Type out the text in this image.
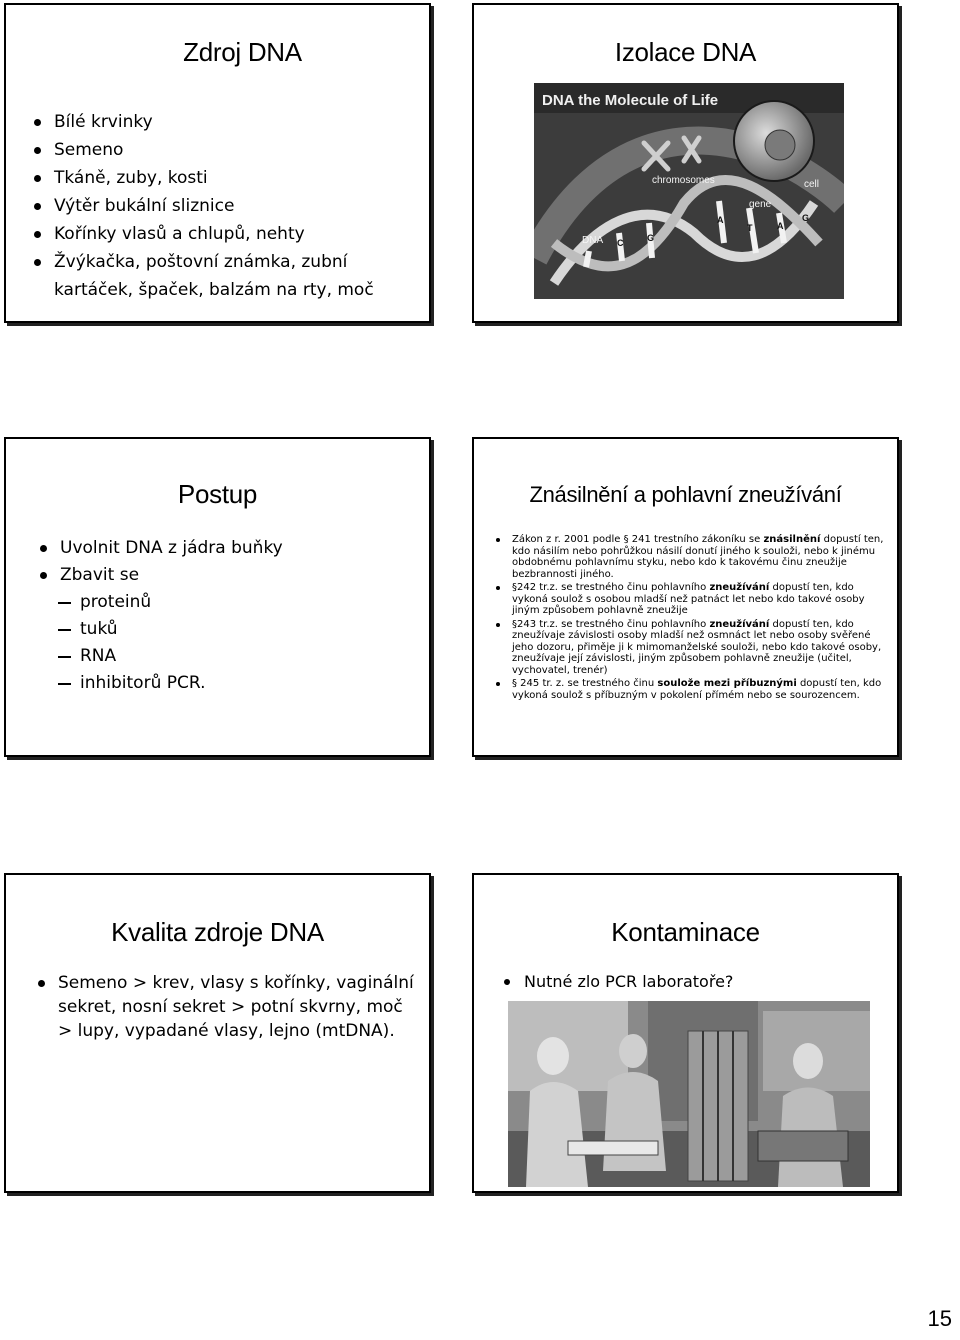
Zdroj DNA
Bílé krvinky
Semeno
Tkáně, zuby, kosti
Výtěr bukální sliznice
Kořínky vlasů a chlupů, nehty
Žvýkačka, poštovní známka, zubní kartáček, špaček, balzám na rty, moč
Izolace DNA
DNA the Molecule of Life
C	G
A
T	A
G
chromosomes	cell
gene
DNA
Postup
Uvolnit DNA z jádra buňky
Zbavit se
proteinů
tuků
RNA
inhibitorů PCR.
Znásilnění a pohlavní zneužívání
Zákon z r. 2001 podle § 241 trestního zákoníku se znásilnění dopustí ten, kdo násilím nebo pohrůžkou násilí donutí jiného k souloži, nebo k jinému obdobnému pohlavnímu styku, nebo kdo k takovému činu zneužije bezbrannosti jiného.
§242 tr.z. se trestného činu pohlavního zneužívání dopustí ten, kdo vykoná soulož s osobou mladší než patnáct let nebo kdo takové osoby jiným způsobem pohlavně zneužije
§243 tr.z. se trestného činu pohlavního zneužívání dopustí ten, kdo zneužívaje závislosti osoby mladší než osmnáct let nebo osoby svěřené jeho dozoru, přiměje ji k mimomanželské souloži, nebo kdo takové osoby, zneužívaje její závislosti, jiným způsobem pohlavně zneužije (učitel, vychovatel, trenér)
§ 245 tr. z. se trestného činu soulože mezi příbuznými dopustí ten, kdo vykoná soulož s příbuzným v pokolení přímém nebo se sourozencem.
Kvalita zdroje DNA
Semeno > krev, vlasy s kořínky, vaginální sekret, nosní sekret > potní skvrny, moč > lupy, vypadané vlasy, lejno (mtDNA).
Kontaminace
Nutné zlo PCR laboratoře?
15
